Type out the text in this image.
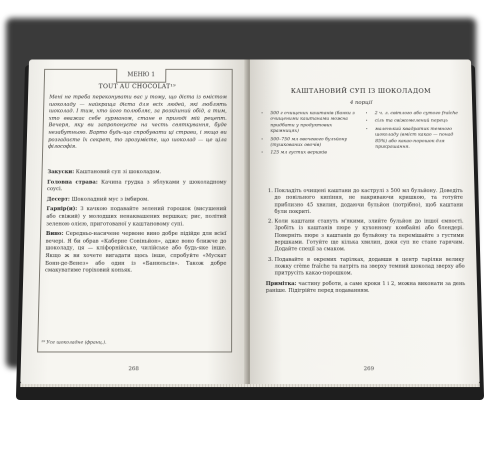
МЕНЮ 1
TOUT AU CHOCOLAT¹⁹

Мені не треба переконувати вас у тому, що дієта із вмістом шоколаду — найкраща дієта для всіх людей, які люблять шоколад. І тим, хто його полюбляє, за розкішний обід, а тим, хто вважає себе гурманом, стане в пригоді мій рецепт. Вечеря, яку ви запропонуєте на честь святкування, буде незабутньою. Варто будь-що спробувати ці страви, і якщо ви розгадаєте їх секрет, то зрозумієте, що шоколад — це ціла філософія.

Закуски: Каштановий суп зі шоколадом.

Головна страва: Качина грудка з яблуками у шоколадному соусі.

Десерт: Шоколадний мус з імбиром.

Гарнір(и): З качкою подавайте зелений горошок (висушений або свіжий) у молодших ненаквашених вершках; рис, політий зеленою олією, приготованої у каштановому супі.

Вино: Середньо-насичене червоне вино добре підійде для всієї вечері. Я би обрав «Каберне Совіньйон», адже воно ближче до шоколаду, ця — кліфорнійське, чилійське або будь-яке інше. Якщо ж ви хочете вигадати щось інше, спробуйте «Мускат Бонн-де-Венез» або один із «Банюльсів». Також добре смакуватиме горіховий коньяк.

¹⁹ Усе шоколадне (франц.).
268
КАШТАНОВИЙ СУП ІЗ ШОКОЛАДОМ
4 порції
• 500 г очищених каштанів (банки з очищеними каштанами можна придбати у продуктових крамницях)
• 500–750 мл овочевого бульйону (тушкованих овочів)
• 125 мл густих вершків
• 2 ч. л. світлого або сутого fraîche
• сіль та свіжомелений перець
• маленький квадратик темного шоколаду (вміст какао — понад 85%) або какао-порошок для прикрашання.
1. Покладіть очищені каштани до каструлі з 500 мл бульйону. Доведіть до повільного кипіння, не накриваючи кришкою, та готуйте приблизно 45 хвилин, додаючи бульйон (потрібно), щоб каштани були покриті.
2. Коли каштани стануть м'якими, злийте бульйон до іншої ємності. Зробіть із каштанів пюре у кухонному комбайні або блендері. Поверніть пюре з каштанів до бульйону та перемішайте з густими вершками. Готуйте ще кілька хвилин, доки суп не стане гарячим. Додайте спеції за смаком.
3. Подавайте в окремих тарілках, додавши в центр тарілки велику ложку crème fraîche та натріть на зверху темний шоколад зверху або притрусіть какао-порошком.
Примітка: частину роботи, а саме кроки 1 і 2, можна виконати за день раніше. Підігрійте перед подаванням.
269
